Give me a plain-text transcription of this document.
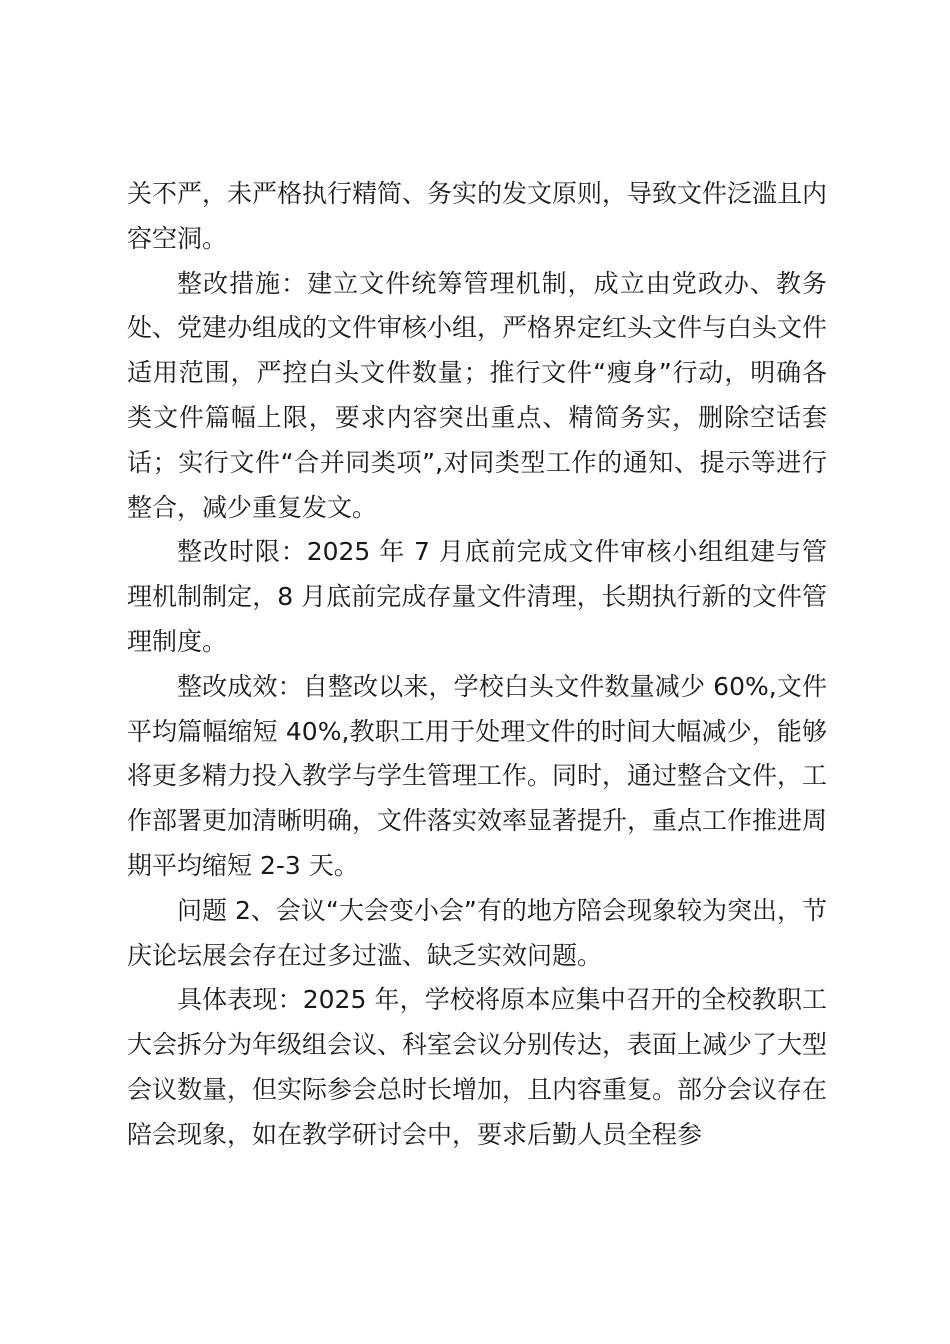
关不严，未严格执行精简、务实的发文原则，导致文件泛滥且内容空洞。

整改措施：建立文件统筹管理机制，成立由党政办、教务处、党建办组成的文件审核小组，严格界定红头文件与白头文件适用范围，严控白头文件数量；推行文件“瘦身”行动，明确各类文件篇幅上限，要求内容突出重点、精简务实，删除空话套话；实行文件“合并同类项”,对同类型工作的通知、提示等进行整合，减少重复发文。

整改时限：2025 年 7 月底前完成文件审核小组组建与管理机制制定，8 月底前完成存量文件清理，长期执行新的文件管理制度。

整改成效：自整改以来，学校白头文件数量减少 60%,文件平均篇幅缩短 40%,教职工用于处理文件的时间大幅减少，能够将更多精力投入教学与学生管理工作。同时，通过整合文件，工作部署更加清晰明确，文件落实效率显著提升，重点工作推进周期平均缩短 2-3 天。

问题 2、会议“大会变小会”有的地方陪会现象较为突出，节庆论坛展会存在过多过滥、缺乏实效问题。

具体表现：2025 年，学校将原本应集中召开的全校教职工大会拆分为年级组会议、科室会议分别传达，表面上减少了大型会议数量，但实际参会总时长增加，且内容重复。部分会议存在陪会现象，如在教学研讨会中，要求后勤人员全程参
